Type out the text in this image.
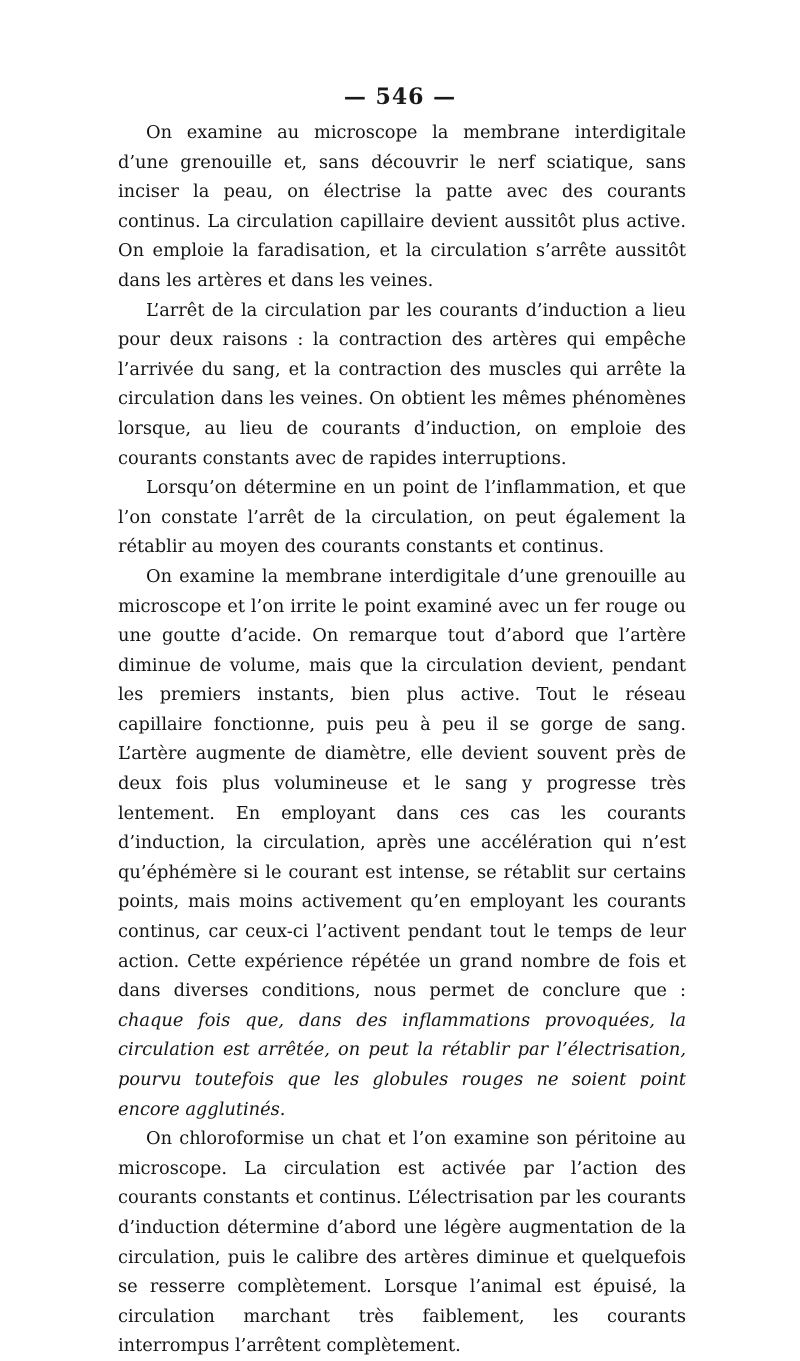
— 546 —

On examine au microscope la membrane interdigitale d’une grenouille et, sans découvrir le nerf sciatique, sans inciser la peau, on électrise la patte avec des courants continus. La circulation capillaire devient aussitôt plus active. On emploie la faradisation, et la circulation s’arrête aussitôt dans les artères et dans les veines.

L’arrêt de la circulation par les courants d’induction a lieu pour deux raisons : la contraction des artères qui empêche l’arrivée du sang, et la contraction des muscles qui arrête la circulation dans les veines. On obtient les mêmes phénomènes lorsque, au lieu de courants d’induction, on emploie des courants constants avec de rapides interruptions.

Lorsqu’on détermine en un point de l’inflammation, et que l’on constate l’arrêt de la circulation, on peut également la rétablir au moyen des courants constants et continus.

On examine la membrane interdigitale d’une grenouille au microscope et l’on irrite le point examiné avec un fer rouge ou une goutte d’acide. On remarque tout d’abord que l’artère diminue de volume, mais que la circulation devient, pendant les premiers instants, bien plus active. Tout le réseau capillaire fonctionne, puis peu à peu il se gorge de sang. L’artère augmente de diamètre, elle devient souvent près de deux fois plus volumineuse et le sang y progresse très lentement. En employant dans ces cas les courants d’induction, la circulation, après une accélération qui n’est qu’éphémère si le courant est intense, se rétablit sur certains points, mais moins activement qu’en employant les courants continus, car ceux-ci l’activent pendant tout le temps de leur action. Cette expérience répétée un grand nombre de fois et dans diverses conditions, nous permet de conclure que : chaque fois que, dans des inflammations provoquées, la circulation est arrêtée, on peut la rétablir par l’électrisation, pourvu toutefois que les globules rouges ne soient point encore agglutinés.

On chloroformise un chat et l’on examine son péritoine au microscope. La circulation est activée par l’action des courants constants et continus. L’électrisation par les courants d’induction détermine d’abord une légère augmentation de la circulation, puis le calibre des artères diminue et quelquefois se resserre complètement. Lorsque l’animal est épuisé, la circulation marchant très faiblement, les courants interrompus l’arrêtent complètement.
